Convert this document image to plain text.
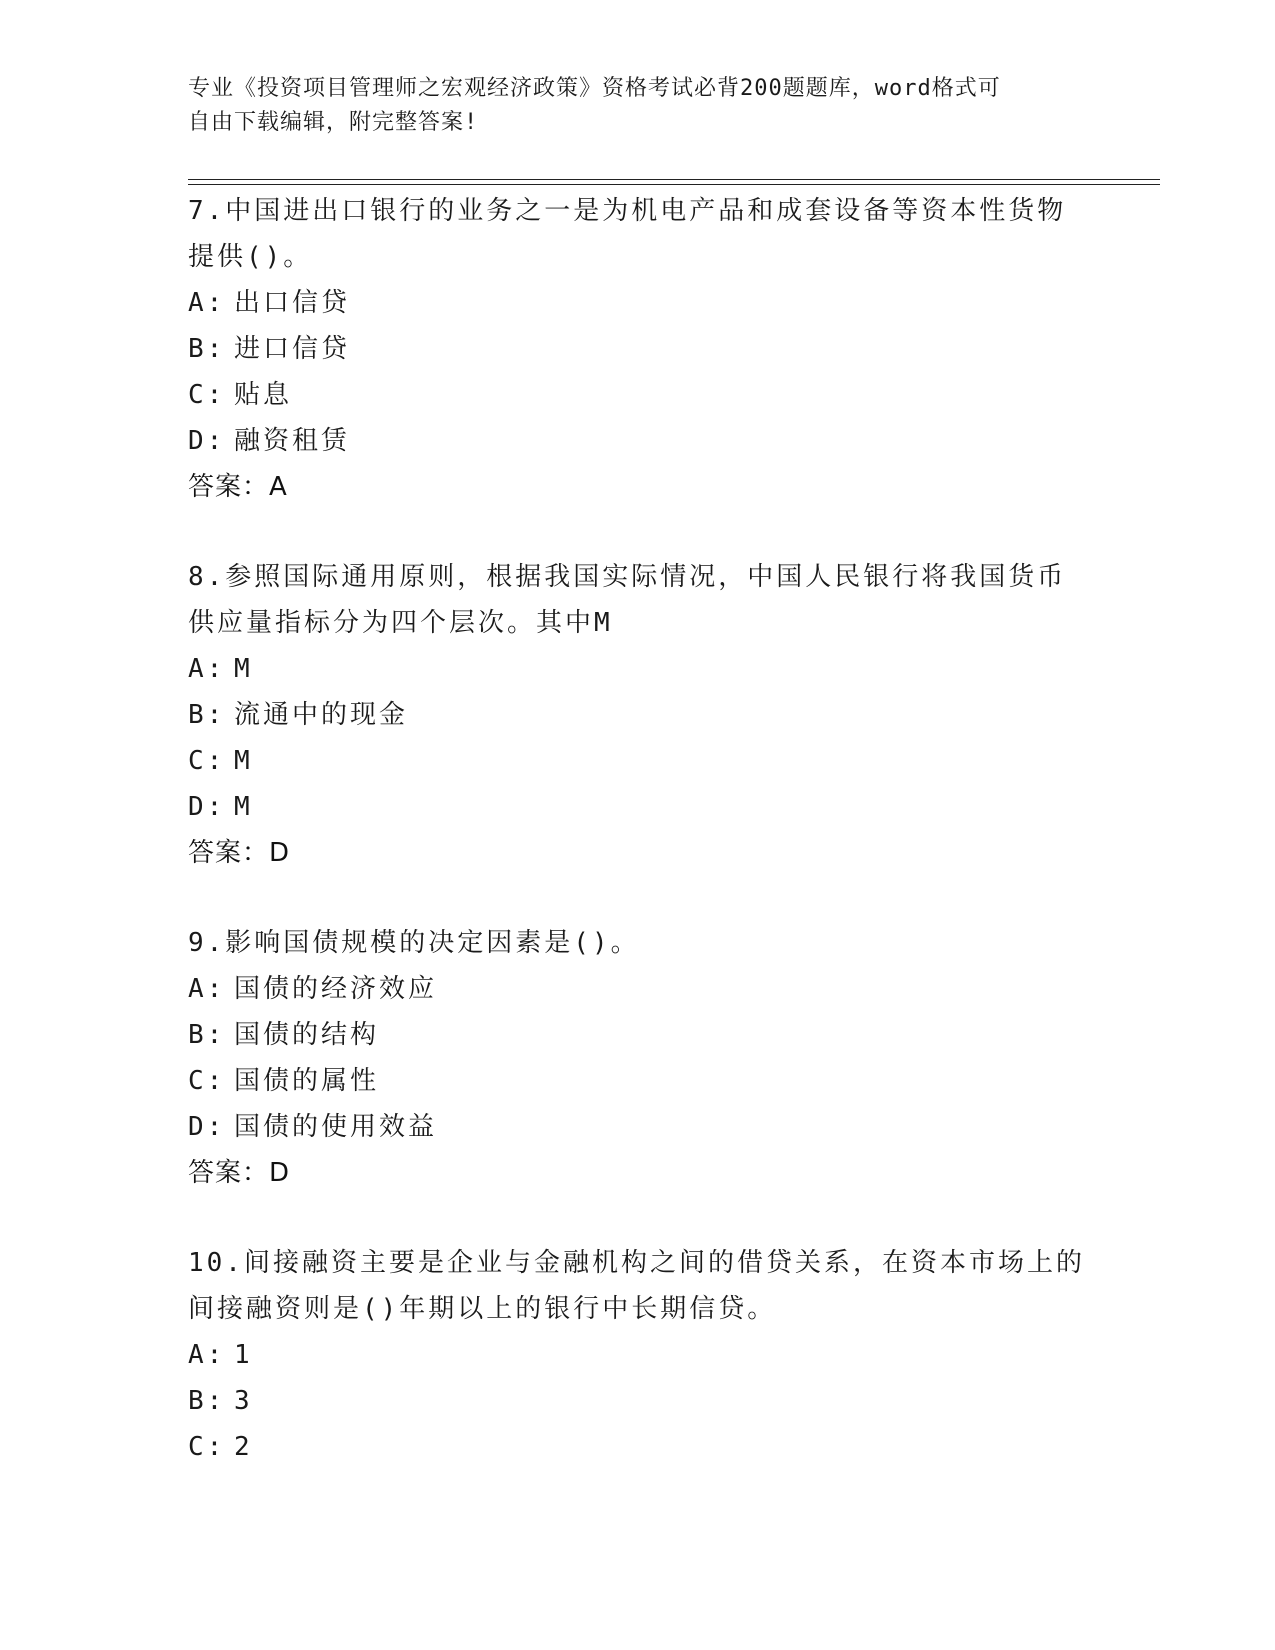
专业《投资项目管理师之宏观经济政策》资格考试必背200题题库，word格式可
自由下载编辑，附完整答案!
7.中国进出口银行的业务之一是为机电产品和成套设备等资本性货物提供()。
A: 出口信贷
B: 进口信贷
C: 贴息
D: 融资租赁
答案：A
8.参照国际通用原则，根据我国实际情况，中国人民银行将我国货币供应量指标分为四个层次。其中M
A: M
B: 流通中的现金
C: M
D: M
答案：D
9.影响国债规模的决定因素是()。
A: 国债的经济效应
B: 国债的结构
C: 国债的属性
D: 国债的使用效益
答案：D
10.间接融资主要是企业与金融机构之间的借贷关系，在资本市场上的间接融资则是()年期以上的银行中长期信贷。
A: 1
B: 3
C: 2
